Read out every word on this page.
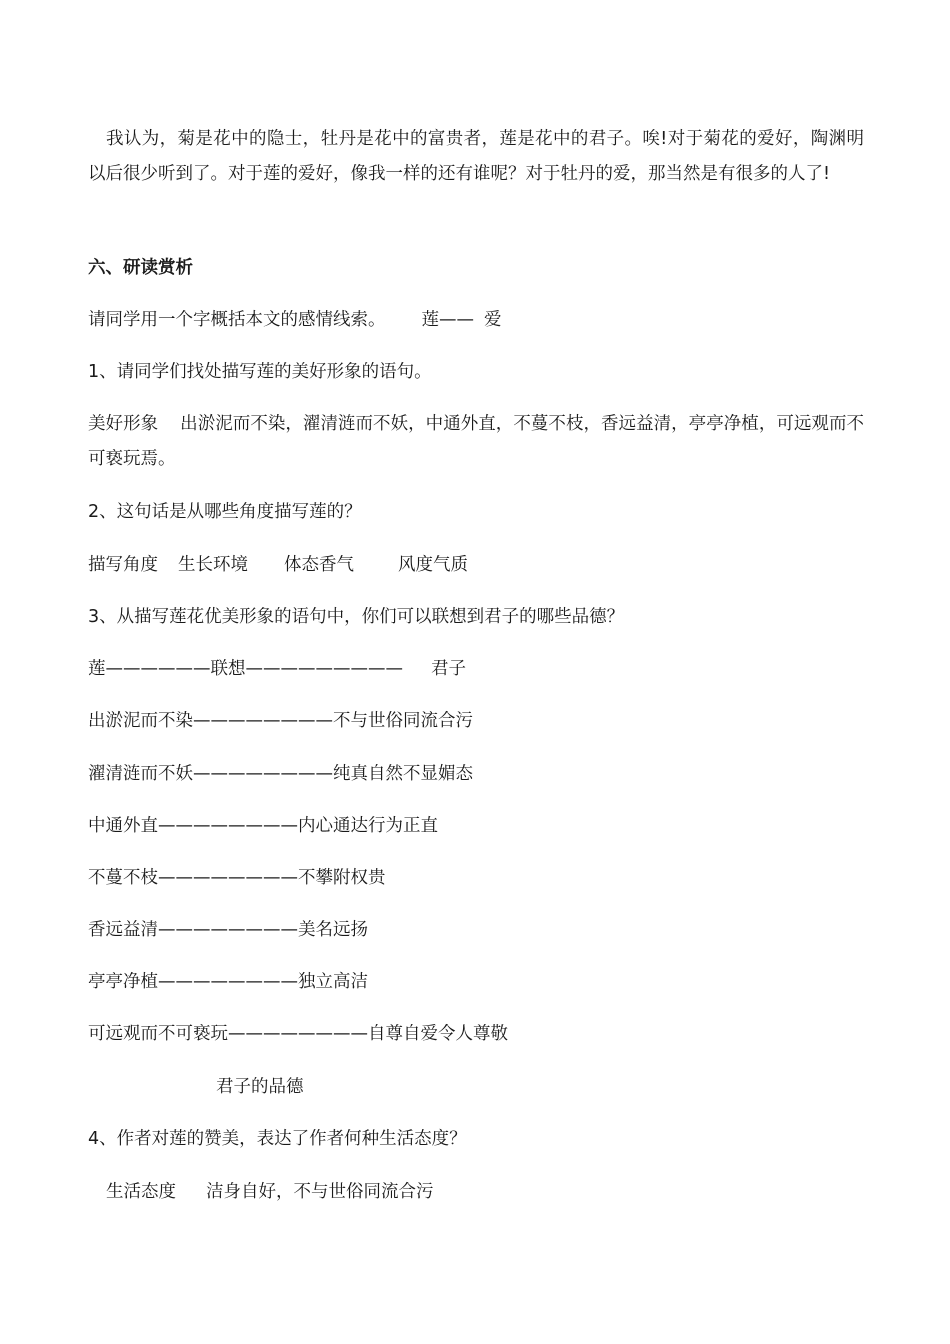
我认为，菊是花中的隐士，牡丹是花中的富贵者，莲是花中的君子。唉!对于菊花的爱好，陶渊明以后很少听到了。对于莲的爱好，像我一样的还有谁呢？对于牡丹的爱，那当然是有很多的人了!
六、研读赏析
请同学用一个字概括本文的感情线索。 莲—— 爱
1、请同学们找处描写莲的美好形象的语句。
美好形象 出淤泥而不染，濯清涟而不妖，中通外直，不蔓不枝，香远益清，亭亭净植，可远观而不可亵玩焉。
2、这句话是从哪些角度描写莲的？
描写角度 生长环境 体态香气	风度气质
3、从描写莲花优美形象的语句中，你们可以联想到君子的哪些品德？
莲——————联想————————— 君子
出淤泥而不染————————不与世俗同流合污
濯清涟而不妖————————纯真自然不显媚态
中通外直————————内心通达行为正直
不蔓不枝————————不攀附权贵
香远益清————————美名远扬
亭亭净植————————独立高洁
可远观而不可亵玩————————自尊自爱令人尊敬
君子的品德
4、作者对莲的赞美，表达了作者何种生活态度？
生活态度 洁身自好，不与世俗同流合污
